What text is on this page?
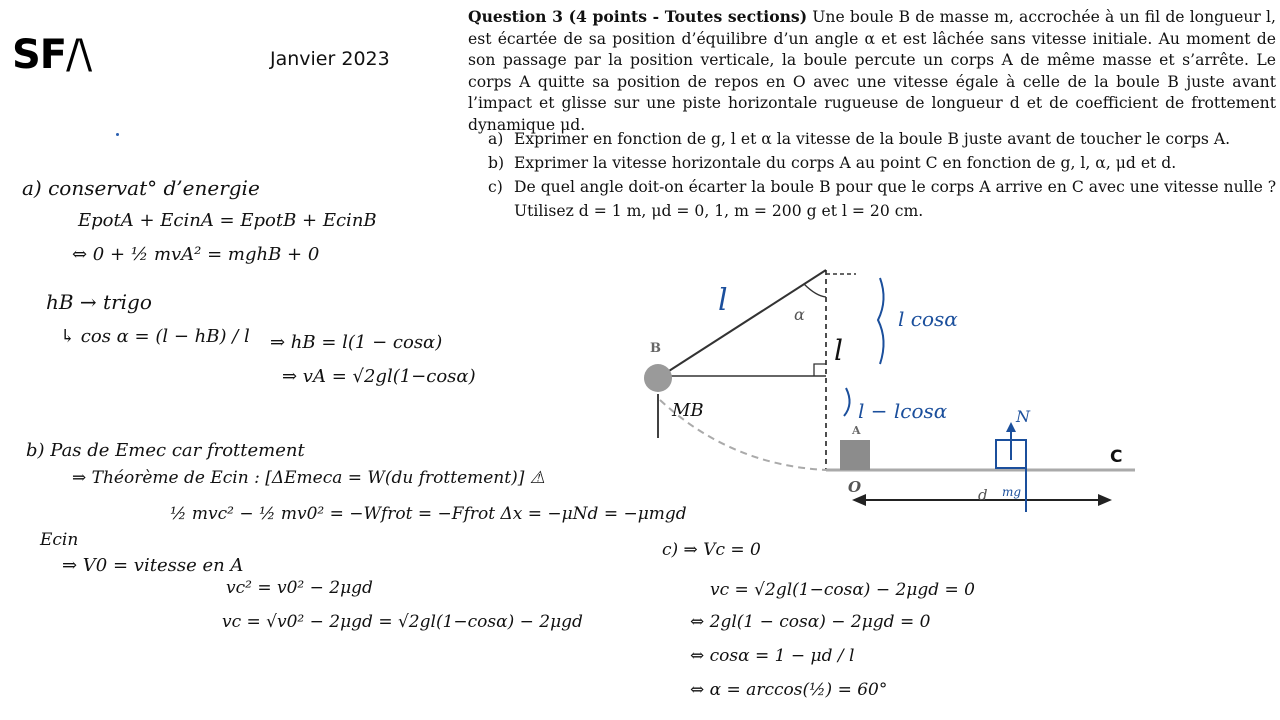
SF/\	Janvier 2023
Question 3 (4 points - Toutes sections) Une boule B de masse m, accrochée à un fil de longueur l, est écartée de sa position d’équilibre d’un angle α et est lâchée sans vitesse initiale. Au moment de son passage par la position verticale, la boule percute un corps A de même masse et s’arrête. Le corps A quitte sa position de repos en O avec une vitesse égale à celle de la boule B juste avant l’impact et glisse sur une piste horizontale rugueuse de longueur d et de coefficient de frottement dynamique μd.
a) Exprimer en fonction de g, l et α la vitesse de la boule B juste avant de toucher le corps A.
b) Exprimer la vitesse horizontale du corps A au point C en fonction de g, l, α, μd et d.
c) De quel angle doit-on écarter la boule B pour que le corps A arrive en C avec une vitesse nulle ? Utilisez d = 1 m, μd = 0, 1, m = 200 g et l = 20 cm.
a) conservat° d’energie
EpotA + EcinA = EpotB + EcinB
⇔ 0 + ½ mvA² = mghB + 0
hB → trigo
↳ cos α = (l − hB) / l ⇒ hB = l(1 − cosα)
⇒ vA = √2gl(1−cosα)
b) Pas de Emec car frottement
⇒ Théorème de Ecin : [ΔEmeca = W(du frottement)] ⚠
½ mvc² − ½ mv0² = −Wfrot = −Ffrot Δx = −μNd = −μmgd
Ecin
⇒ V0 = vitesse en A
vc² = v0² − 2μgd
vc = √v0² − 2μgd = √2gl(1−cosα) − 2μgd
c) ⇒ Vc = 0
vc = √2gl(1−cosα) − 2μgd = 0
⇔ 2gl(1 − cosα) − 2μgd = 0
⇔ cosα = 1 − μd / l
⇔ α = arccos(½) = 60°
B
α
A
O	d
C
l
l cosα
l
l − lcosα
MB	N
mg
